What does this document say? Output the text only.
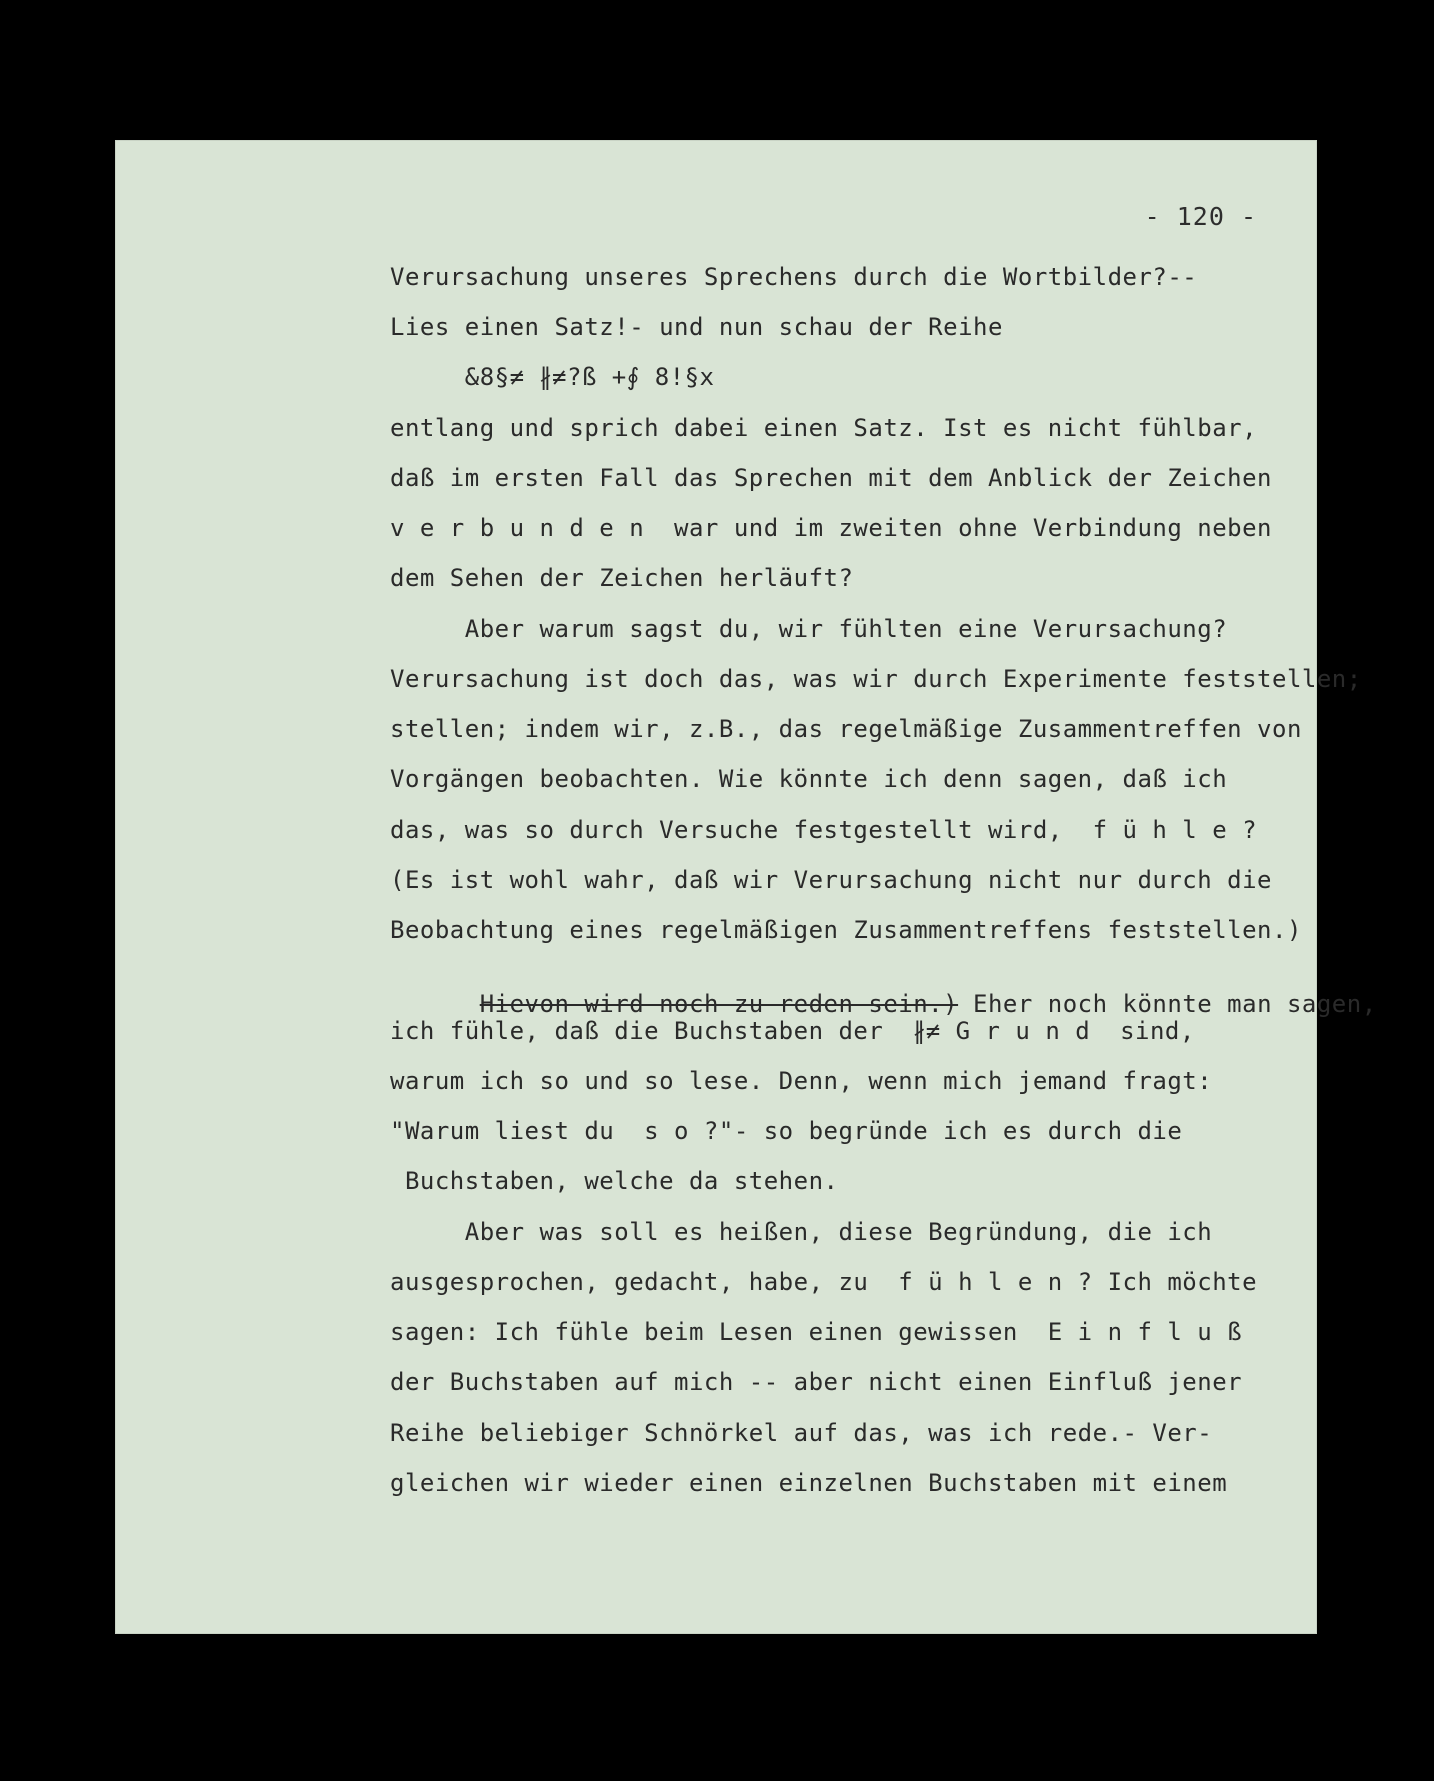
- 120 -
Verursachung unseres Sprechens durch die Wortbilder?--
Lies einen Satz!- und nun schau der Reihe
&8§≠ ∦≠?ß +∮ 8!§x
entlang und sprich dabei einen Satz. Ist es nicht fühlbar,
daß im ersten Fall das Sprechen mit dem Anblick der Zeichen
v e r b u n d e n  war und im zweiten ohne Verbindung neben
dem Sehen der Zeichen herläuft?
Aber warum sagst du, wir fühlten eine Verursachung?
Verursachung ist doch das, was wir durch Experimente feststellen;
stellen; indem wir, z.B., das regelmäßige Zusammentreffen von
Vorgängen beobachten. Wie könnte ich denn sagen, daß ich
das, was so durch Versuche festgestellt wird,  f ü h l e ?
(Es ist wohl wahr, daß wir Verursachung nicht nur durch die
Beobachtung eines regelmäßigen Zusammentreffens feststellen.)

Hievon wird noch zu reden sein.) Eher noch könnte man sagen,

ich fühle, daß die Buchstaben der  ∦≠ G r u n d  sind,
warum ich so und so lese. Denn, wenn mich jemand fragt:
"Warum liest du  s o ?"- so begründe ich es durch die
Buchstaben, welche da stehen.
Aber was soll es heißen, diese Begründung, die ich
ausgesprochen, gedacht, habe, zu  f ü h l e n ? Ich möchte
sagen: Ich fühle beim Lesen einen gewissen  E i n f l u ß
der Buchstaben auf mich -- aber nicht einen Einfluß jener
Reihe beliebiger Schnörkel auf das, was ich rede.- Ver-
gleichen wir wieder einen einzelnen Buchstaben mit einem
